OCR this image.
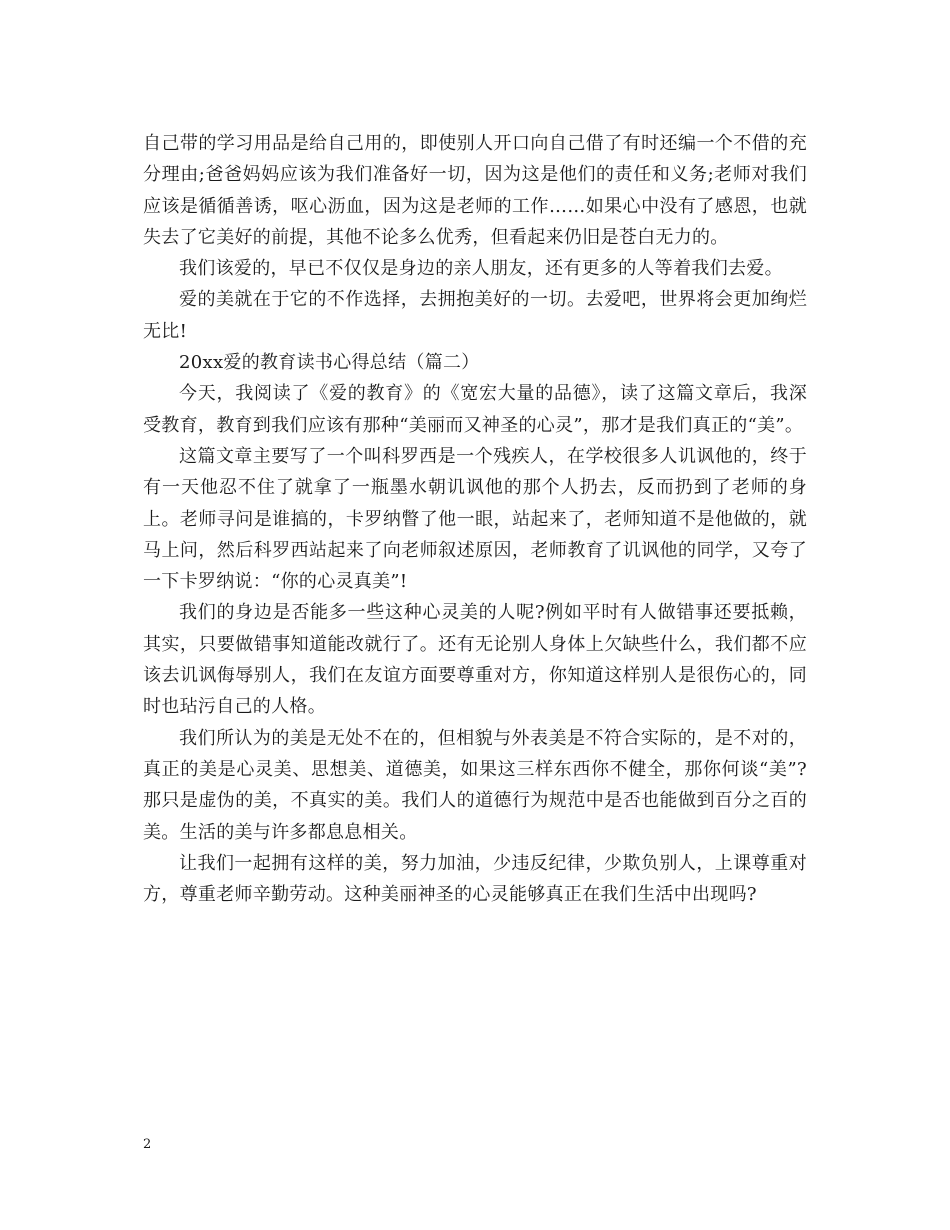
自己带的学习用品是给自己用的，即使别人开口向自己借了有时还编一个不借的充分理由;爸爸妈妈应该为我们准备好一切，因为这是他们的责任和义务;老师对我们应该是循循善诱，呕心沥血，因为这是老师的工作……如果心中没有了感恩，也就失去了它美好的前提，其他不论多么优秀，但看起来仍旧是苍白无力的。

我们该爱的，早已不仅仅是身边的亲人朋友，还有更多的人等着我们去爱。

爱的美就在于它的不作选择，去拥抱美好的一切。去爱吧，世界将会更加绚烂无比!

20xx爱的教育读书心得总结（篇二）

今天，我阅读了《爱的教育》的《宽宏大量的品德》，读了这篇文章后，我深受教育，教育到我们应该有那种“美丽而又神圣的心灵”，那才是我们真正的“美”。

这篇文章主要写了一个叫科罗西是一个残疾人，在学校很多人讥讽他的，终于有一天他忍不住了就拿了一瓶墨水朝讥讽他的那个人扔去，反而扔到了老师的身上。老师寻问是谁搞的，卡罗纳瞥了他一眼，站起来了，老师知道不是他做的，就马上问，然后科罗西站起来了向老师叙述原因，老师教育了讥讽他的同学，又夸了一下卡罗纳说：“你的心灵真美”!

我们的身边是否能多一些这种心灵美的人呢?例如平时有人做错事还要抵赖，其实，只要做错事知道能改就行了。还有无论别人身体上欠缺些什么，我们都不应该去讥讽侮辱别人，我们在友谊方面要尊重对方，你知道这样别人是很伤心的，同时也玷污自己的人格。

我们所认为的美是无处不在的，但相貌与外表美是不符合实际的，是不对的，真正的美是心灵美、思想美、道德美，如果这三样东西你不健全，那你何谈“美”?那只是虚伪的美，不真实的美。我们人的道德行为规范中是否也能做到百分之百的美。生活的美与许多都息息相关。

让我们一起拥有这样的美，努力加油，少违反纪律，少欺负别人，上课尊重对方，尊重老师辛勤劳动。这种美丽神圣的心灵能够真正在我们生活中出现吗?

2
